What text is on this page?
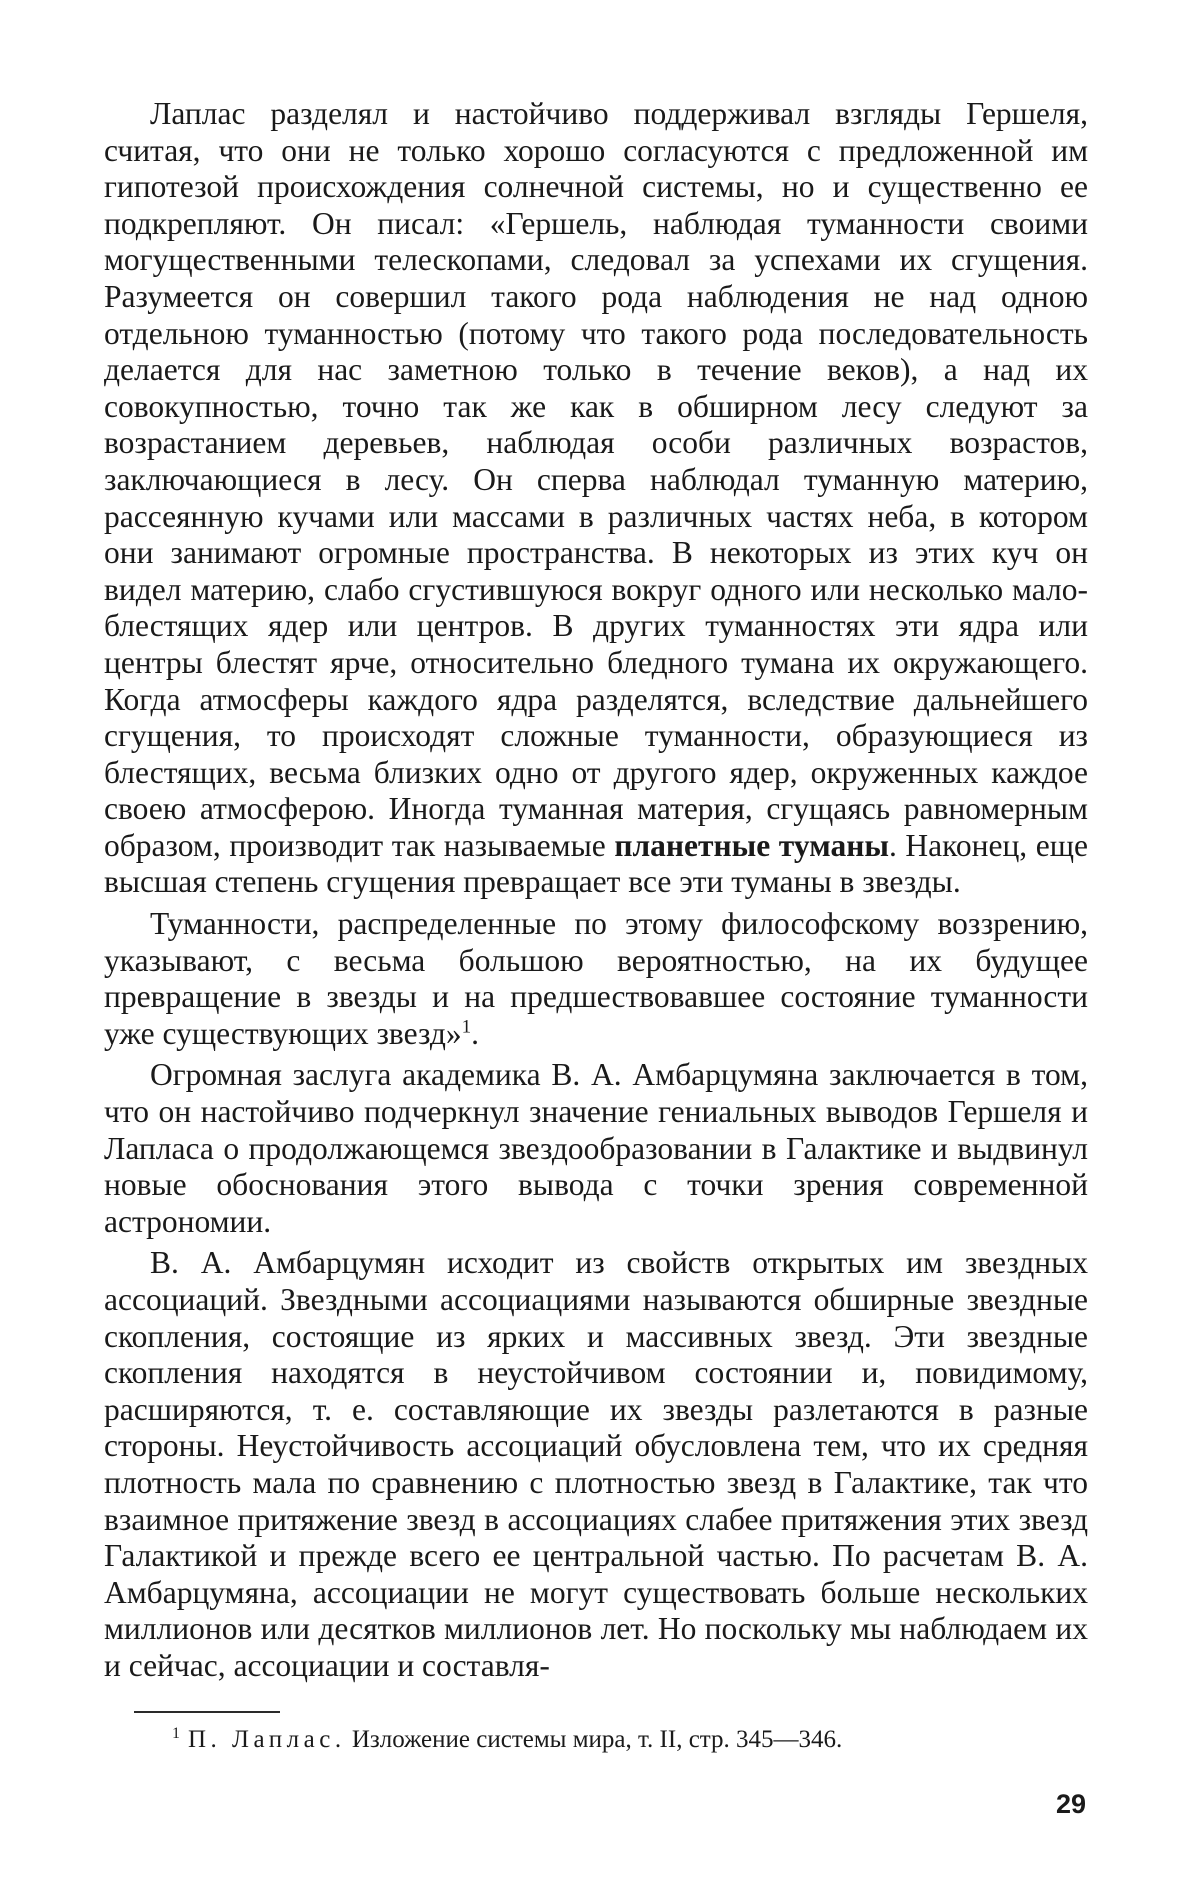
Лаплас разделял и настойчиво поддерживал взгляды Гершеля, считая, что они не только хорошо согласуются с предложенной им гипотезой происхождения солнечной системы, но и существенно ее подкрепляют. Он писал: «Гершель, наблюдая туманности своими могущественными телескопами, следовал за успехами их сгущения. Разумеется он совершил такого рода наблюдения не над одною отдельною туманностью (потому что такого рода последовательность делается для нас заметною только в течение веков), а над их совокупностью, точно так же как в обширном лесу следуют за возрастанием деревьев, наблюдая особи различных возрастов, заключающиеся в лесу. Он сперва наблюдал туманную материю, рассеянную кучами или массами в различных частях неба, в котором они занимают огромные пространства. В некоторых из этих куч он видел материю, слабо сгустившуюся вокруг одного или несколько мало-блестящих ядер или центров. В других туманностях эти ядра или центры блестят ярче, относительно бледного тумана их окружающего. Когда атмосферы каждого ядра разделятся, вследствие дальнейшего сгущения, то происходят сложные туманности, образующиеся из блестящих, весьма близких одно от другого ядер, окруженных каждое своею атмосферою. Иногда туманная материя, сгущаясь равномерным образом, производит так называемые планетные туманы. Наконец, еще высшая степень сгущения превращает все эти туманы в звезды.

Туманности, распределенные по этому философскому воззрению, указывают, с весьма большою вероятностью, на их будущее превращение в звезды и на предшествовавшее состояние туманности уже существующих звезд»$^1$.

Огромная заслуга академика В. А. Амбарцумяна заключается в том, что он настойчиво подчеркнул значение гениальных выводов Гершеля и Лапласа о продолжающемся звездообразовании в Галактике и выдвинул новые обоснования этого вывода с точки зрения современной астрономии.

В. А. Амбарцумян исходит из свойств открытых им звездных ассоциаций. Звездными ассоциациями называются обширные звездные скопления, состоящие из ярких и массивных звезд. Эти звездные скопления находятся в неустойчивом состоянии и, повидимому, расширяются, т. е. составляющие их звезды разлетаются в разные стороны. Неустойчивость ассоциаций обусловлена тем, что их средняя плотность мала по сравнению с плотностью звезд в Галактике, так что взаимное притяжение звезд в ассоциациях слабее притяжения этих звезд Галактикой и прежде всего ее центральной частью. По расчетам В. А. Амбарцумяна, ассоциации не могут существовать больше нескольких миллионов или десятков миллионов лет. Но поскольку мы наблюдаем их и сейчас, ассоциации и составля-

$^1$ П. Лаплас. Изложение системы мира, т. II, стр. 345—346.
29
